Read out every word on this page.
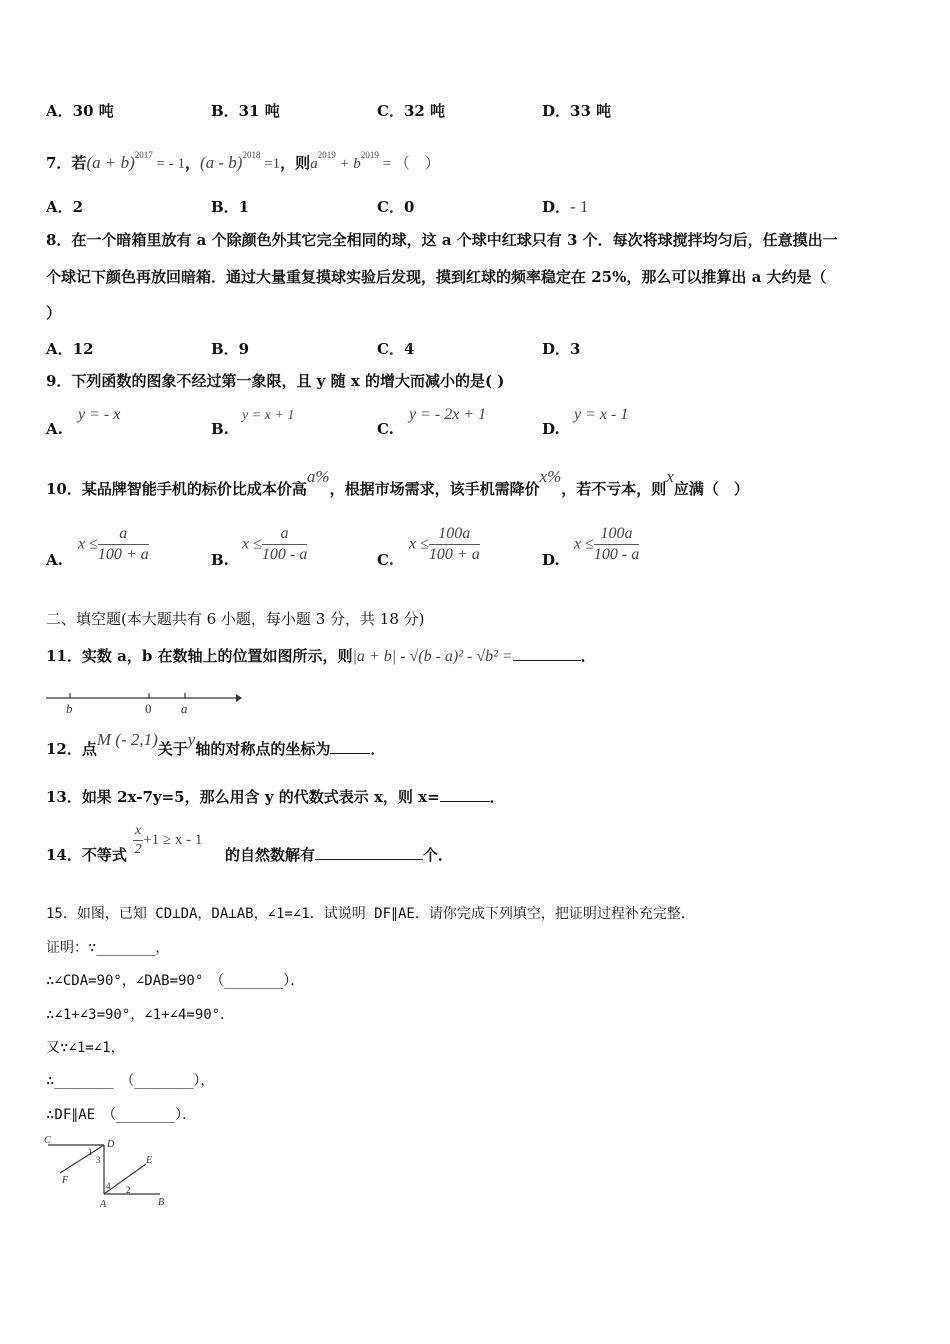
A．30 吨	B．31 吨	C．32 吨	D．33 吨
7．若$(a + b)^{2017}$ = - 1，(a - b)$^{2018}$ =1，则$a^{2019} + b^{2019}$ = （　）
A．2	B．1	C．0	D．- 1
8．在一个暗箱里放有 a 个除颜色外其它完全相同的球，这 a 个球中红球只有 3 个．每次将球搅拌均匀后，任意摸出一
个球记下颜色再放回暗箱．通过大量重复摸球实验后发现，摸到红球的频率稳定在 25%，那么可以推算出 a 大约是（
）
A．12	B．9	C．4	D．3
9．下列函数的图象不经过第一象限，且 y 随 x 的增大而减小的是( )
A.
y = - x
B.
y = x + 1
C.
y = - 2x + 1
D.
y = x - 1
10．某品牌智能手机的标价比成本价高a%，根据市场需求，该手机需降价x%，若不亏本，则x应满（　）
A.
$x \le \frac{a}{100 + a}$	B.
$x \le \frac{a}{100 - a}$	C.
$x \le \frac{100a}{100 + a}$	D.
$x \le \frac{100a}{100 - a}$
二、填空题(本大题共有 6 小题，每小题 3 分，共 18 分)
11．实数 a，b 在数轴上的位置如图所示，则|a + b| - √(b - a)² - √b² =	．
b	0 a
12．点M (- 2,1)关于y轴的对称点的坐标为	．
13．如果 2x-7y=5，那么用含 y 的代数式表示 x，则 x=	．
14．不等式 $\frac{x}{2} +1 \ge x - 1$
的自然数解有	个．
15．如图，已知 CD⊥DA，DA⊥AB，∠1=∠1．试说明 DF∥AE．请你完成下列填空，把证明过程补充完整．
证明：∵_______，
∴∠CDA=90°，∠DAB=90°　（_______）．
∴∠1+∠3=90°，∠1+∠4=90°．
又∵∠1=∠1，
∴_______　（_______），
∴DF∥AE　（_______）．
C	D
1
3
F
E
4 2
A	B
